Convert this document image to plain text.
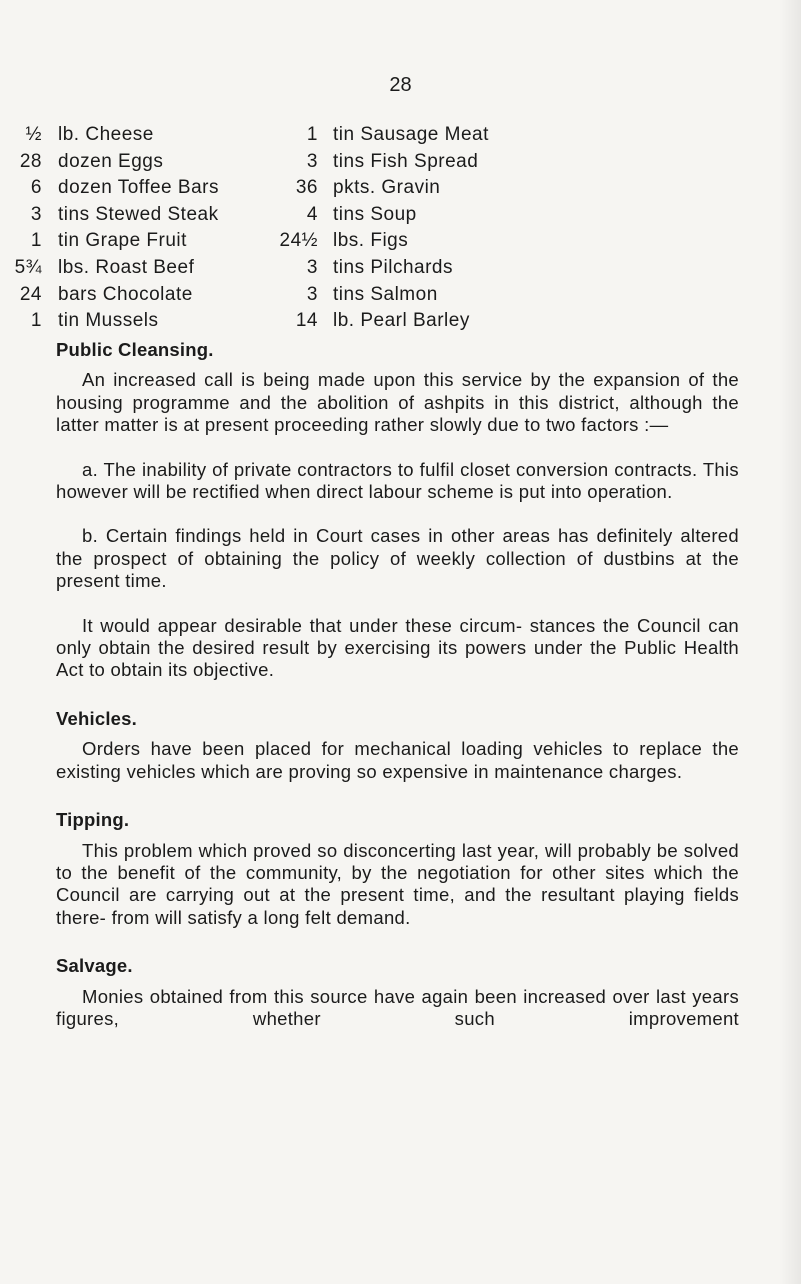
28
½ lb. Cheese	1 tin Sausage Meat
28 dozen Eggs	3 tins Fish Spread
6 dozen Toffee Bars	36 pkts. Gravin
3 tins Stewed Steak	4 tins Soup
1 tin Grape Fruit	24½ lbs. Figs
5¾ lbs. Roast Beef	3 tins Pilchards
24 bars Chocolate	3 tins Salmon
1 tin Mussels	14 lb. Pearl Barley
Public Cleansing.

An increased call is being made upon this service by the expansion of the housing programme and the abolition of ashpits in this district, although the latter matter is at present proceeding rather slowly due to two factors :—

a. The inability of private contractors to fulfil closet conversion contracts. This however will be rectified when direct labour scheme is put into operation.

b. Certain findings held in Court cases in other areas has definitely altered the prospect of obtaining the policy of weekly collection of dustbins at the present time.

It would appear desirable that under these circum- stances the Council can only obtain the desired result by exercising its powers under the Public Health Act to obtain its objective.

Vehicles.

Orders have been placed for mechanical loading vehicles to replace the existing vehicles which are proving so expensive in maintenance charges.

Tipping.

This problem which proved so disconcerting last year, will probably be solved to the benefit of the community, by the negotiation for other sites which the Council are carrying out at the present time, and the resultant playing fields there- from will satisfy a long felt demand.

Salvage.

Monies obtained from this source have again been increased over last years figures, whether such improvement
